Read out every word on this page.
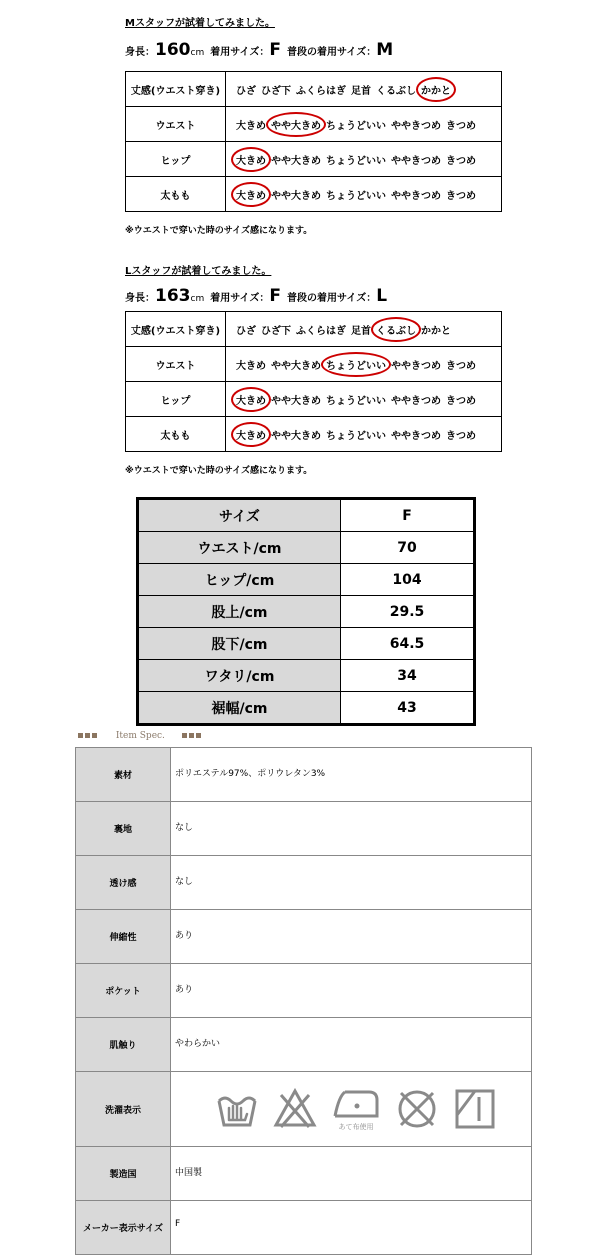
Mスタッフが試着してみました。
身長：160cm 着用サイズ：F 普段の着用サイズ：M
丈感(ウエスト穿き)	ひざ ひざ下 ふくらはぎ 足首 くるぶし かかと
ウエスト	大きめ やや大きめ ちょうどいい ややきつめ きつめ
ヒップ	大きめ やや大きめ ちょうどいい ややきつめ きつめ
太もも	大きめ やや大きめ ちょうどいい ややきつめ きつめ
※ウエストで穿いた時のサイズ感になります。
Lスタッフが試着してみました。
身長：163cm 着用サイズ：F 普段の着用サイズ：L
丈感(ウエスト穿き)	ひざ ひざ下 ふくらはぎ 足首 くるぶし かかと
ウエスト	大きめ やや大きめ ちょうどいい ややきつめ きつめ
ヒップ	大きめ やや大きめ ちょうどいい ややきつめ きつめ
太もも	大きめ やや大きめ ちょうどいい ややきつめ きつめ
※ウエストで穿いた時のサイズ感になります。
サイズ	F
ウエスト/cm	70
ヒップ/cm	104
股上/cm	29.5
股下/cm	64.5
ワタリ/cm	34
裾幅/cm	43
Item Spec.
素材	ポリエステル97%、ポリウレタン3%
裏地	なし
透け感	なし
伸縮性	あり
ポケット	あり
肌触り	やわらかい
洗濯表示	あて布使用

製造国	中国製
メーカー表示サイズ	F
